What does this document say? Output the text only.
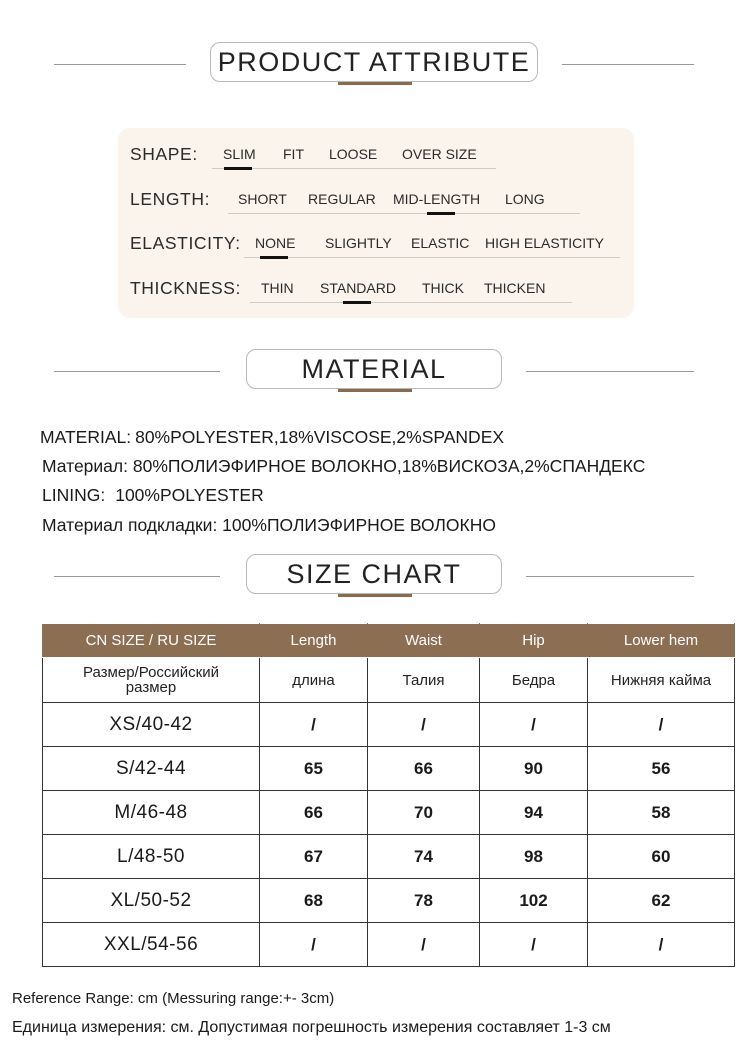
PRODUCT ATTRIBUTE
SHAPE: SLIM FIT LOOSE OVER SIZE
LENGTH: SHORT REGULAR MID-LENGTH LONG
ELASTICITY: NONE SLIGHTLY ELASTIC HIGH ELASTICITY
THICKNESS: THIN STANDARD THICK THICKEN
MATERIAL
MATERIAL: 80%POLYESTER,18%VISCOSE,2%SPANDEX
Материал: 80%ПОЛИЭФИРНОЕ ВОЛОКНО,18%ВИСКОЗА,2%СПАНДЕКС
LINING: 100%POLYESTER
Материал подкладки: 100%ПОЛИЭФИРНОЕ ВОЛОКНО
SIZE CHART
CN SIZE / RU SIZE	Length	Waist	Hip	Lower hem
Размер/Российский размер	длина	Талия	Бедра	Нижняя кайма
XS/40-42	/	/	/	/
S/42-44	65	66	90	56
M/46-48	66	70	94	58
L/48-50	67	74	98	60
XL/50-52	68	78	102	62
XXL/54-56	/	/	/	/
Reference Range: cm (Messuring range:+- 3cm)
Единица измерения: см. Допустимая погрешность измерения составляет 1-3 см
